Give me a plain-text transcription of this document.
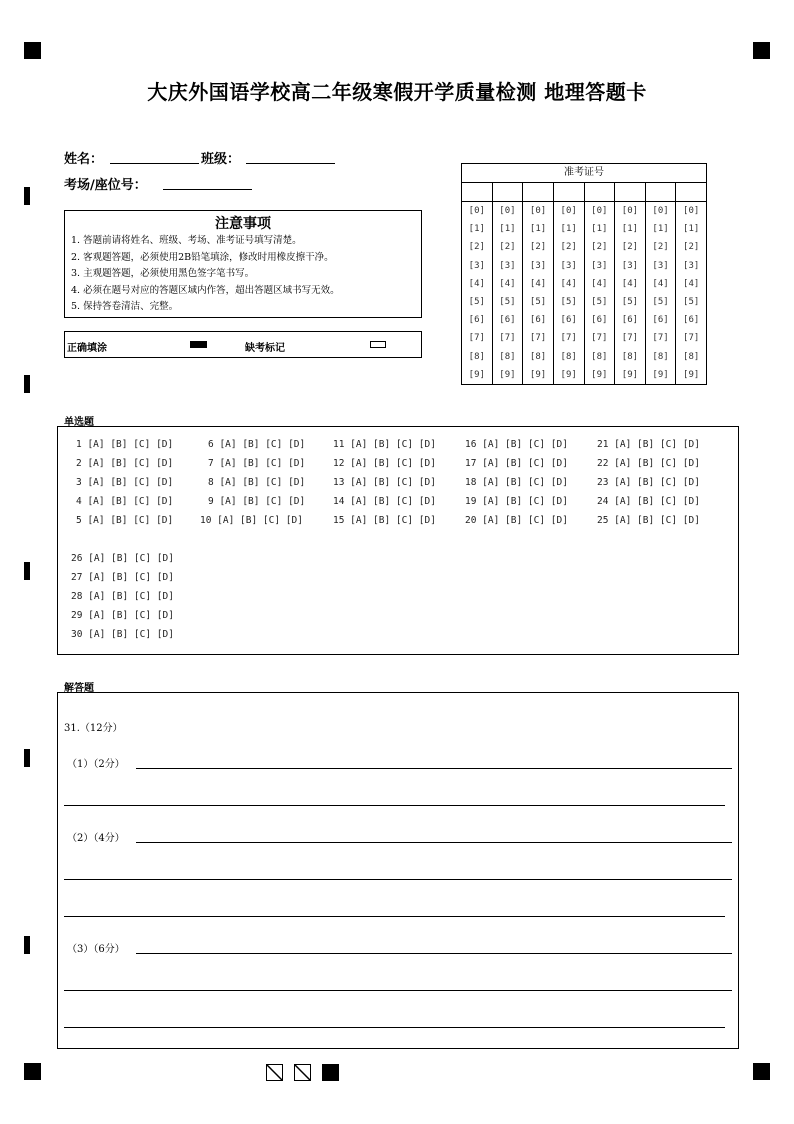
大庆外国语学校高二年级寒假开学质量检测 地理答题卡
姓名：	班级：
考场/座位号：
注意事项
1. 答题前请将姓名、班级、考场、准考证号填写清楚。
2. 客观题答题，必须使用2B铅笔填涂，修改时用橡皮擦干净。
3. 主观题答题，必须使用黑色签字笔书写。
4. 必须在题号对应的答题区域内作答，超出答题区域书写无效。
5. 保持答卷清洁、完整。
正确填涂	缺考标记
准考证号
[0]
[1]
[2]
[3]
[4]
[5]
[6]
[7]
[8]
[9]
[0]
[1]
[2]
[3]
[4]
[5]
[6]
[7]
[8]
[9]
[0]
[1]
[2]
[3]
[4]
[5]
[6]
[7]
[8]
[9]
[0]
[1]
[2]
[3]
[4]
[5]
[6]
[7]
[8]
[9]
[0]
[1]
[2]
[3]
[4]
[5]
[6]
[7]
[8]
[9]
[0]
[1]
[2]
[3]
[4]
[5]
[6]
[7]
[8]
[9]
[0]
[1]
[2]
[3]
[4]
[5]
[6]
[7]
[8]
[9]
[0]
[1]
[2]
[3]
[4]
[5]
[6]
[7]
[8]
[9]
单选题
1 [A] [B] [C] [D]
2 [A] [B] [C] [D]
3 [A] [B] [C] [D]
4 [A] [B] [C] [D]
5 [A] [B] [C] [D]
6 [A] [B] [C] [D]
7 [A] [B] [C] [D]
8 [A] [B] [C] [D]
9 [A] [B] [C] [D]
10 [A] [B] [C] [D]
11 [A] [B] [C] [D]
12 [A] [B] [C] [D]
13 [A] [B] [C] [D]
14 [A] [B] [C] [D]
15 [A] [B] [C] [D]
16 [A] [B] [C] [D]
17 [A] [B] [C] [D]
18 [A] [B] [C] [D]
19 [A] [B] [C] [D]
20 [A] [B] [C] [D]
21 [A] [B] [C] [D]
22 [A] [B] [C] [D]
23 [A] [B] [C] [D]
24 [A] [B] [C] [D]
25 [A] [B] [C] [D]
26 [A] [B] [C] [D]
27 [A] [B] [C] [D]
28 [A] [B] [C] [D]
29 [A] [B] [C] [D]
30 [A] [B] [C] [D]
解答题
31.（12分）
（1）（2分）
（2）（4分）
（3）（6分）
